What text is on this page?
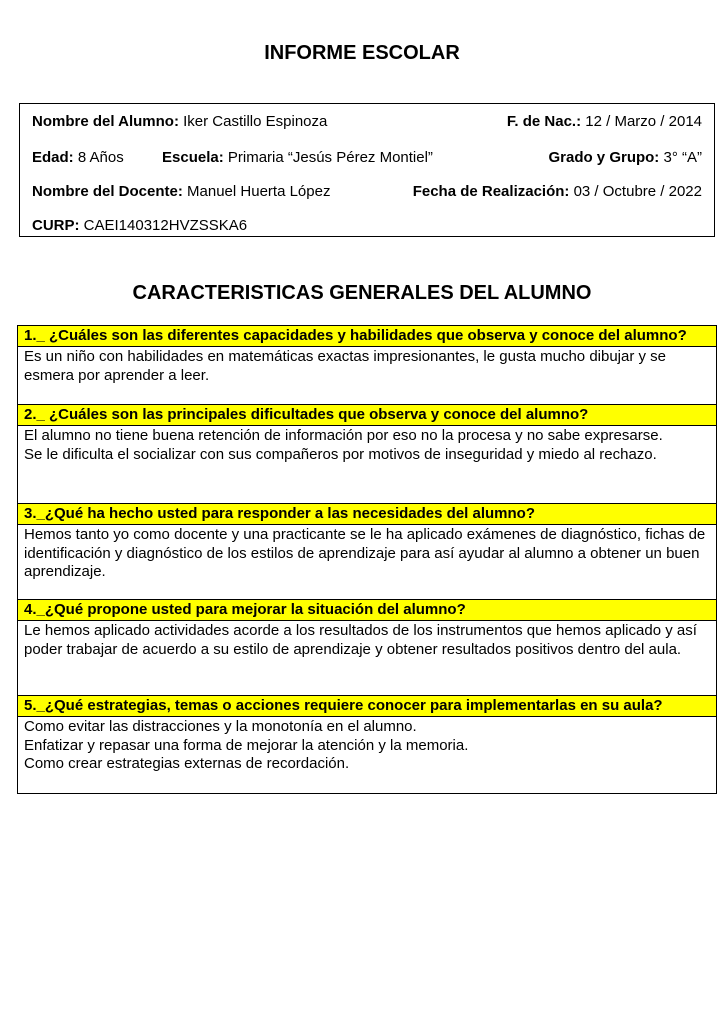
INFORME ESCOLAR
Nombre del Alumno: Iker Castillo Espinoza	F. de Nac.: 12 / Marzo / 2014
Edad: 8 Años	Escuela: Primaria “Jesús Pérez Montiel”	Grado y Grupo: 3° “A”
Nombre del Docente: Manuel Huerta López	Fecha de Realización: 03 / Octubre / 2022
CURP: CAEI140312HVZSSKA6
CARACTERISTICAS GENERALES DEL ALUMNO
1._ ¿Cuáles son las diferentes capacidades y habilidades que observa y conoce del alumno?
Es un niño con habilidades en matemáticas exactas impresionantes, le gusta mucho dibujar y se esmera por aprender a leer.
2._ ¿Cuáles son las principales dificultades que observa y conoce del alumno?
El alumno no tiene buena retención de información por eso no la procesa y no sabe expresarse.
Se le dificulta el socializar con sus compañeros por motivos de inseguridad y miedo al rechazo.
3._¿Qué ha hecho usted para responder a las necesidades del alumno?
Hemos tanto yo como docente y una practicante se le ha aplicado exámenes de diagnóstico, fichas de identificación y diagnóstico de los estilos de aprendizaje para así ayudar al alumno a obtener un buen aprendizaje.
4._¿Qué propone usted para mejorar la situación del alumno?
Le hemos aplicado actividades acorde a los resultados de los instrumentos que hemos aplicado y así poder trabajar de acuerdo a su estilo de aprendizaje y obtener resultados positivos dentro del aula.
5._¿Qué estrategias, temas o acciones requiere conocer para implementarlas en su aula?
Como evitar las distracciones y la monotonía en el alumno.
Enfatizar y repasar una forma de mejorar la atención y la memoria.
Como crear estrategias externas de recordación.
